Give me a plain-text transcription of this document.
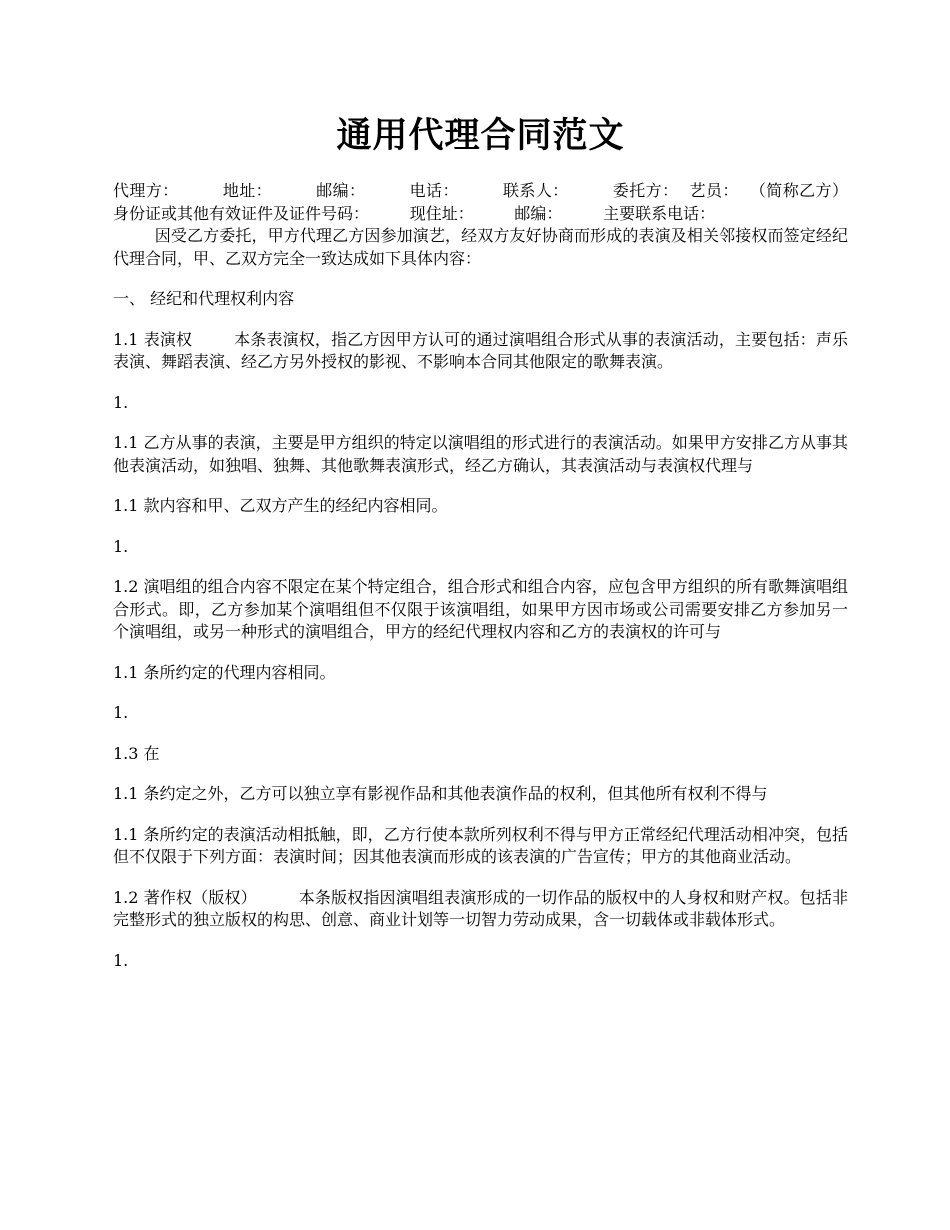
通用代理合同范文

代理方：        地址：        邮编：        电话：        联系人：        委托方：  艺员：  （简称乙方）        身份证或其他有效证件及证件号码：        现住址：        邮编：        主要联系电话：

因受乙方委托，甲方代理乙方因参加演艺，经双方友好协商而形成的表演及相关邻接权而签定经纪代理合同，甲、乙双方完全一致达成如下具体内容：

一、 经纪和代理权利内容

1.1 表演权        本条表演权，指乙方因甲方认可的通过演唱组合形式从事的表演活动，主要包括：声乐表演、舞蹈表演、经乙方另外授权的影视、不影响本合同其他限定的歌舞表演。

1.

1.1 乙方从事的表演，主要是甲方组织的特定以演唱组的形式进行的表演活动。如果甲方安排乙方从事其他表演活动，如独唱、独舞、其他歌舞表演形式，经乙方确认，其表演活动与表演权代理与

1.1 款内容和甲、乙双方产生的经纪内容相同。

1.

1.2 演唱组的组合内容不限定在某个特定组合，组合形式和组合内容，应包含甲方组织的所有歌舞演唱组合形式。即，乙方参加某个演唱组但不仅限于该演唱组，如果甲方因市场或公司需要安排乙方参加另一个演唱组，或另一种形式的演唱组合，甲方的经纪代理权内容和乙方的表演权的许可与

1.1 条所约定的代理内容相同。

1.

1.3 在

1.1 条约定之外，乙方可以独立享有影视作品和其他表演作品的权利，但其他所有权利不得与

1.1 条所约定的表演活动相抵触，即，乙方行使本款所列权利不得与甲方正常经纪代理活动相冲突，包括但不仅限于下列方面：表演时间；因其他表演而形成的该表演的广告宣传；甲方的其他商业活动。

1.2 著作权（版权）        本条版权指因演唱组表演形成的一切作品的版权中的人身权和财产权。包括非完整形式的独立版权的构思、创意、商业计划等一切智力劳动成果，含一切载体或非载体形式。

1.
